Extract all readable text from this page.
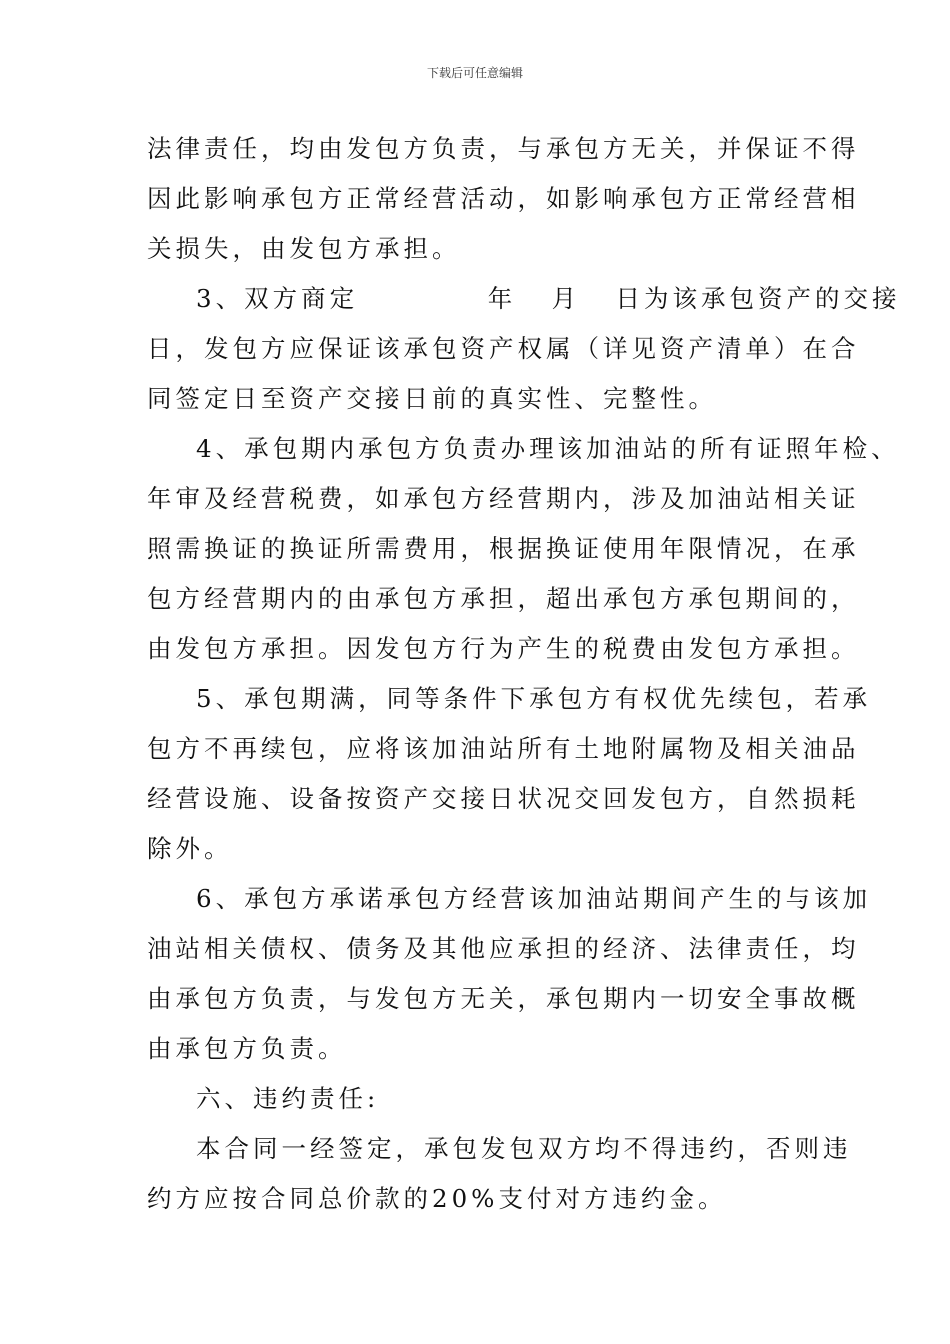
下载后可任意编辑
法律责任，均由发包方负责，与承包方无关，并保证不得
因此影响承包方正常经营活动，如影响承包方正常经营相
关损失，由发包方承担。
3、双方商定           年   月   日为该承包资产的交接
日，发包方应保证该承包资产权属（详见资产清单）在合
同签定日至资产交接日前的真实性、完整性。
4、承包期内承包方负责办理该加油站的所有证照年检、
年审及经营税费，如承包方经营期内，涉及加油站相关证
照需换证的换证所需费用，根据换证使用年限情况，在承
包方经营期内的由承包方承担，超出承包方承包期间的，
由发包方承担。因发包方行为产生的税费由发包方承担。
5、承包期满，同等条件下承包方有权优先续包，若承
包方不再续包，应将该加油站所有土地附属物及相关油品
经营设施、设备按资产交接日状况交回发包方，自然损耗
除外。
6、承包方承诺承包方经营该加油站期间产生的与该加
油站相关债权、债务及其他应承担的经济、法律责任，均
由承包方负责，与发包方无关，承包期内一切安全事故概
由承包方负责。
六、违约责任:
本合同一经签定，承包发包双方均不得违约，否则违
约方应按合同总价款的20%支付对方违约金。
